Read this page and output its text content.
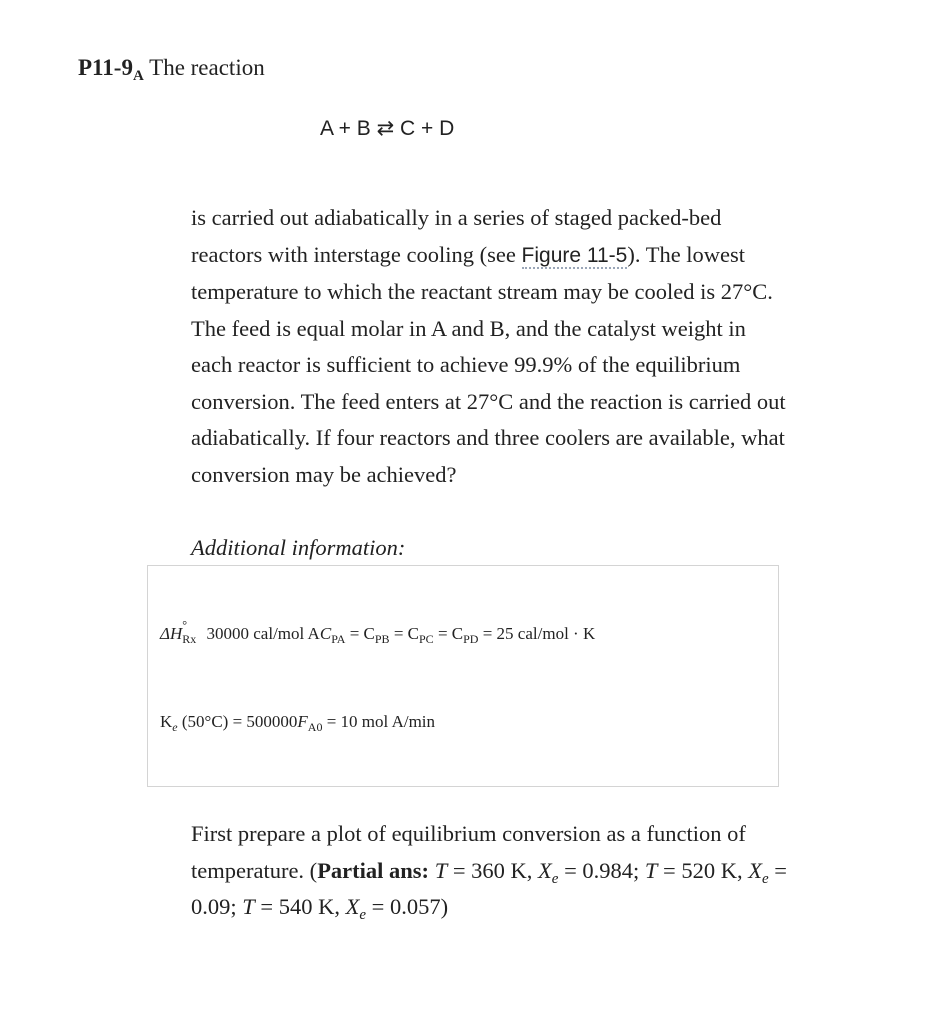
$P11-9_A$ The reaction
A + B ⇄ C + D
is carried out adiabatically in a series of staged packed-bed reactors with interstage cooling (see Figure 11-5). The lowest temperature to which the reactant stream may be cooled is 27°C. The feed is equal molar in A and B, and the catalyst weight in each reactor is sufficient to achieve 99.9% of the equilibrium conversion. The feed enters at 27°C and the reaction is carried out adiabatically. If four reactors and three coolers are available, what conversion may be achieved?
Additional information:
ΔH °
Rx 30000 cal/mol $AC_{PA} = C_{PB} = C_{PC} = C_{PD} = 25$ cal/mol · K
$K_e$ $(50^\circ C) = 500000F_{A0} = 10$ mol A/min
First prepare a plot of equilibrium conversion as a function of temperature. (Partial ans: T = 360 K, $X_e = 0.984$; T = 520 K, $X_e = 0.09$; T = 540 K, $X_e = 0.057$)
